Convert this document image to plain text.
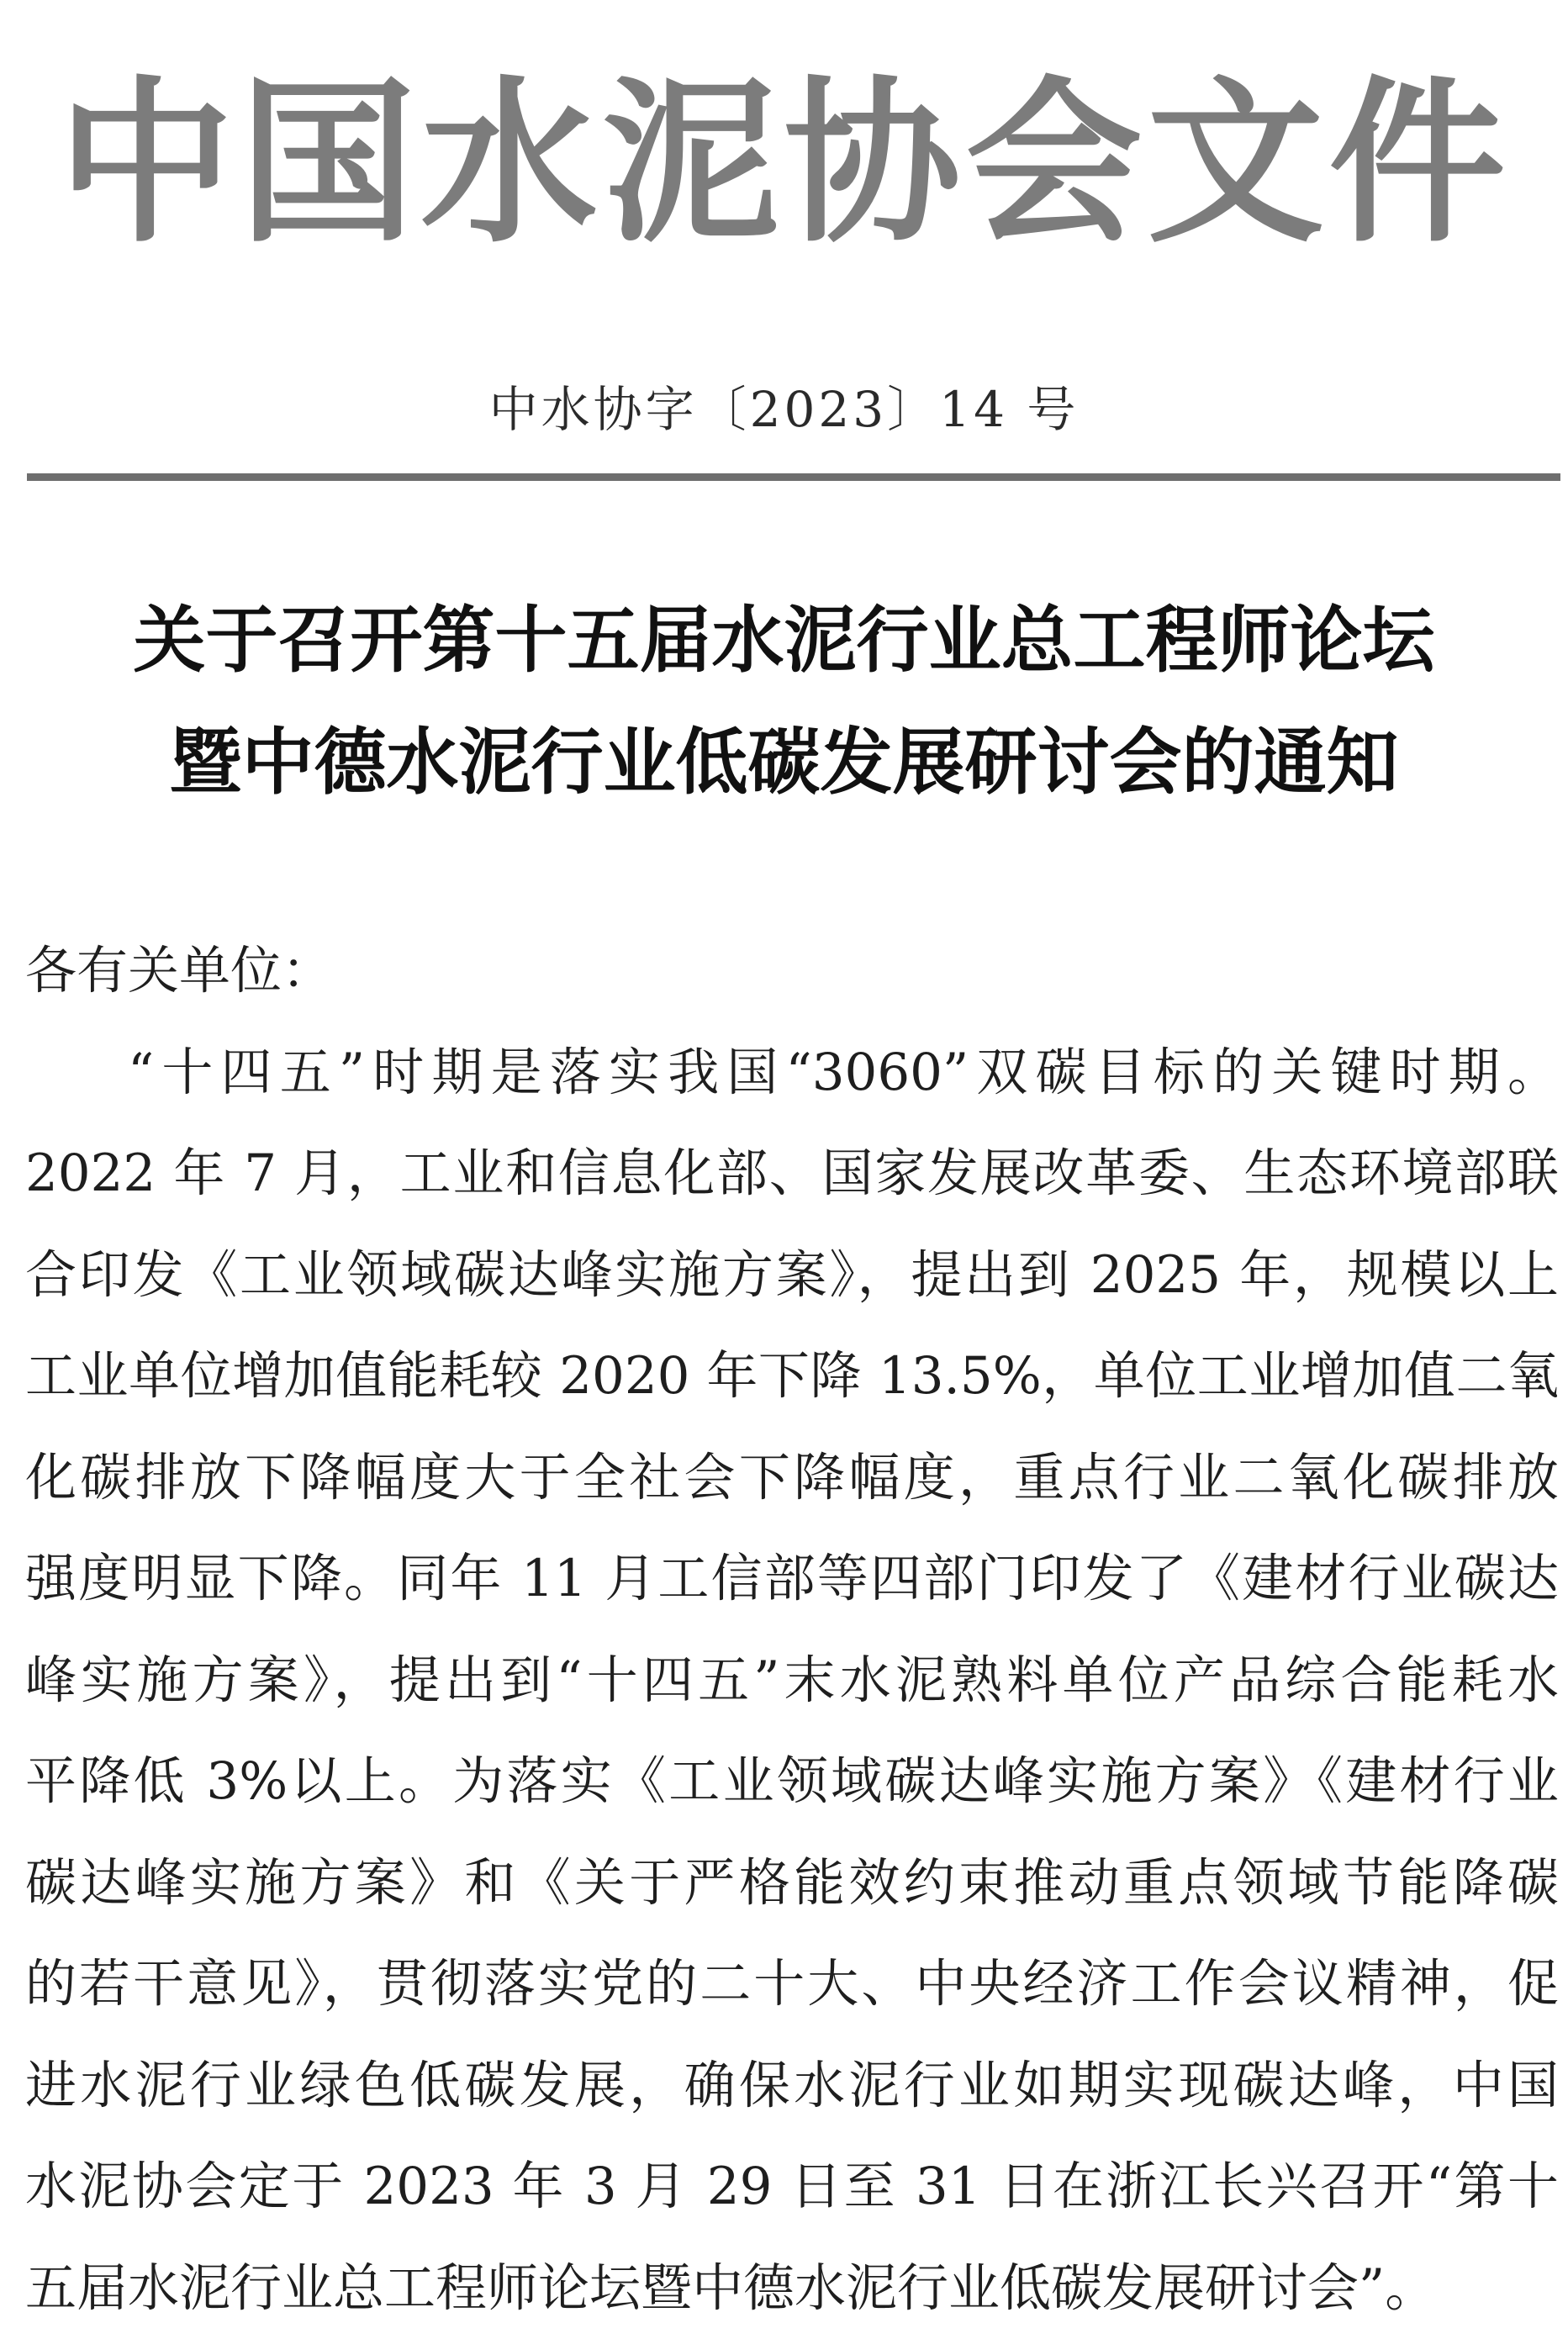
中国水泥协会文件
中水协字〔2023〕14 号
关于召开第十五届水泥行业总工程师论坛
暨中德水泥行业低碳发展研讨会的通知
各有关单位：
“十四五”时期是落实我国“3060”双碳目标的关键时期。
2022 年 7 月，工业和信息化部、国家发展改革委、生态环境部联
合印发《工业领域碳达峰实施方案》，提出到 2025 年，规模以上
工业单位增加值能耗较 2020 年下降 13.5%，单位工业增加值二氧
化碳排放下降幅度大于全社会下降幅度，重点行业二氧化碳排放
强度明显下降。同年 11 月工信部等四部门印发了《建材行业碳达
峰实施方案》，提出到“十四五”末水泥熟料单位产品综合能耗水
平降低 3%以上。为落实《工业领域碳达峰实施方案》《建材行业
碳达峰实施方案》和《关于严格能效约束推动重点领域节能降碳
的若干意见》，贯彻落实党的二十大、中央经济工作会议精神，促
进水泥行业绿色低碳发展，确保水泥行业如期实现碳达峰，中国
水泥协会定于 2023 年 3 月 29 日至 31 日在浙江长兴召开“第十
五届水泥行业总工程师论坛暨中德水泥行业低碳发展研讨会”。
